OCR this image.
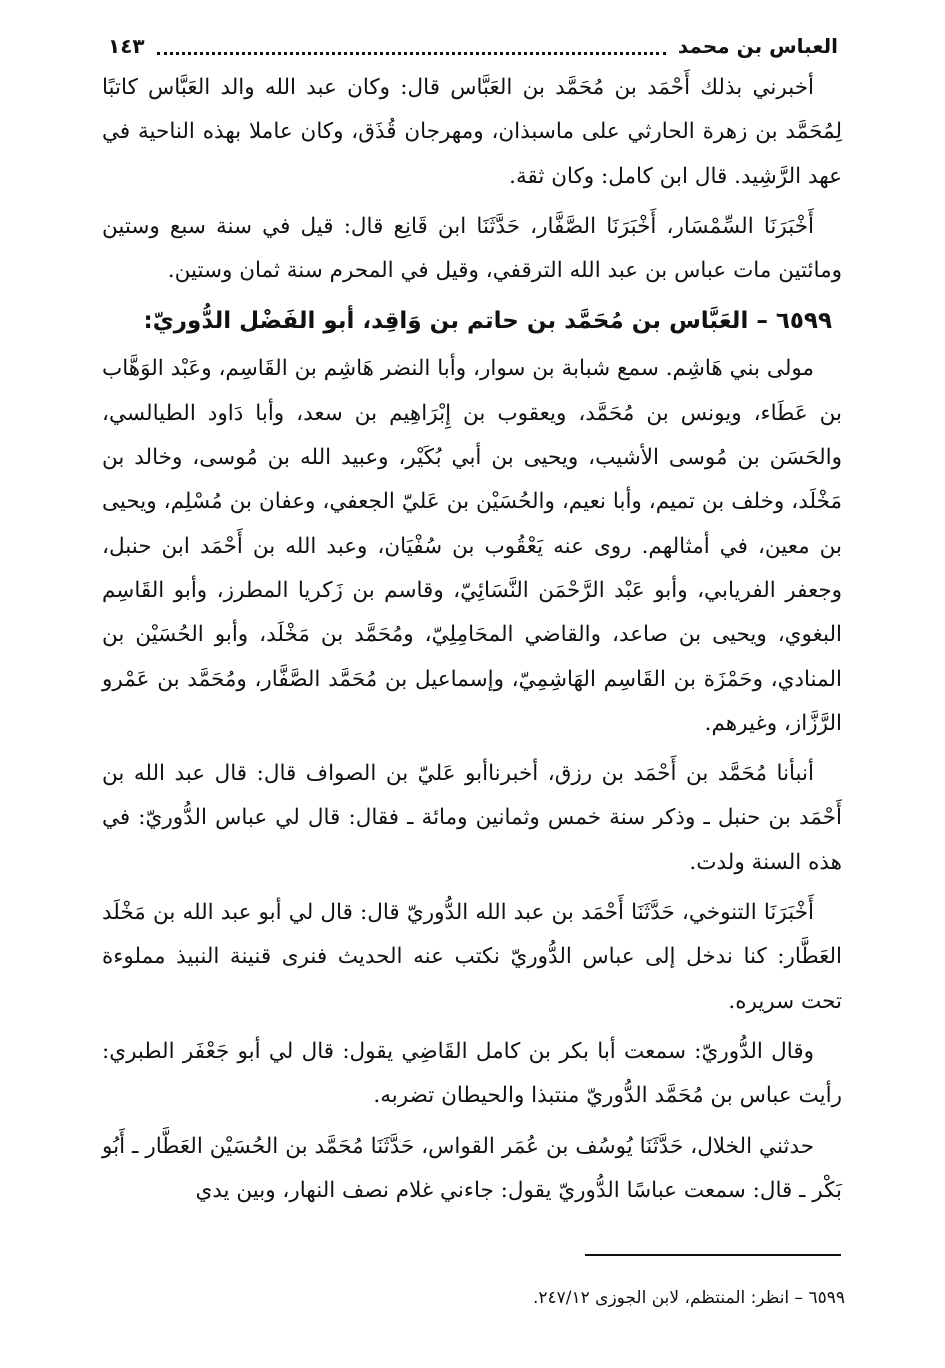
العباس بن محمد
١٤٣

أخبرني بذلك أَحْمَد بن مُحَمَّد بن العَبَّاس قال: وكان عبد الله والد العَبَّاس كاتبًا لِمُحَمَّد بن زهرة الحارثي على ماسبذان، ومهرجان قُذَق، وكان عاملا بهذه الناحية في عهد الرَّشِيد. قال ابن كامل: وكان ثقة.

أَخْبَرَنَا السِّمْسَار، أَخْبَرَنَا الصَّفَّار، حَدَّثَنَا ابن قَانِع قال: قيل في سنة سبع وستين ومائتين مات عباس بن عبد الله الترقفي، وقيل في المحرم سنة ثمان وستين.

٦٥٩٩ – العَبَّاس بن مُحَمَّد بن حاتم بن وَاقِد، أبو الفَضْل الدُّوريّ:

مولى بني هَاشِم. سمع شبابة بن سوار، وأبا النضر هَاشِم بن القَاسِم، وعَبْد الوَهَّاب بن عَطَاء، ويونس بن مُحَمَّد، ويعقوب بن إِبْرَاهِيم بن سعد، وأبا دَاود الطيالسي، والحَسَن بن مُوسى الأشيب، ويحيى بن أبي بُكَيْر، وعبيد الله بن مُوسى، وخالد بن مَخْلَد، وخلف بن تميم، وأبا نعيم، والحُسَيْن بن عَليّ الجعفي، وعفان بن مُسْلِم، ويحيى بن معين، في أمثالهم. روى عنه يَعْقُوب بن سُفْيَان، وعبد الله بن أَحْمَد ابن حنبل، وجعفر الفريابي، وأبو عَبْد الرَّحْمَن النَّسَائِيّ، وقاسم بن زَكريا المطرز، وأبو القَاسِم البغوي، ويحيى بن صاعد، والقاضي المحَامِلِيّ، ومُحَمَّد بن مَخْلَد، وأبو الحُسَيْن بن المنادي، وحَمْزَة بن القَاسِم الهَاشِمِيّ، وإسماعيل بن مُحَمَّد الصَّفَّار، ومُحَمَّد بن عَمْرو الرَّزَّاز، وغيرهم.

أنبأنا مُحَمَّد بن أَحْمَد بن رزق، أخبرناأبو عَليّ بن الصواف قال: قال عبد الله بن أَحْمَد بن حنبل ـ وذكر سنة خمس وثمانين ومائة ـ فقال: قال لي عباس الدُّوريّ: في هذه السنة ولدت.

أَخْبَرَنَا التنوخي، حَدَّثَنَا أَحْمَد بن عبد الله الدُّوريّ قال: قال لي أبو عبد الله بن مَخْلَد العَطَّار: كنا ندخل إلى عباس الدُّوريّ نكتب عنه الحديث فنرى قنينة النبيذ مملوءة تحت سريره.

وقال الدُّوريّ: سمعت أبا بكر بن كامل القَاضِي يقول: قال لي أبو جَعْفَر الطبري: رأيت عباس بن مُحَمَّد الدُّوريّ منتبذا والحيطان تضربه.

حدثني الخلال، حَدَّثَنَا يُوسُف بن عُمَر القواس، حَدَّثَنَا مُحَمَّد بن الحُسَيْن العَطَّار ـ أَبُو بَكْر ـ قال: سمعت عباسًا الدُّوريّ يقول: جاءني غلام نصف النهار، وبين يدي

٦٥٩٩ – انظر: المنتظم، لابن الجوزى ٢٤٧/١٢.
